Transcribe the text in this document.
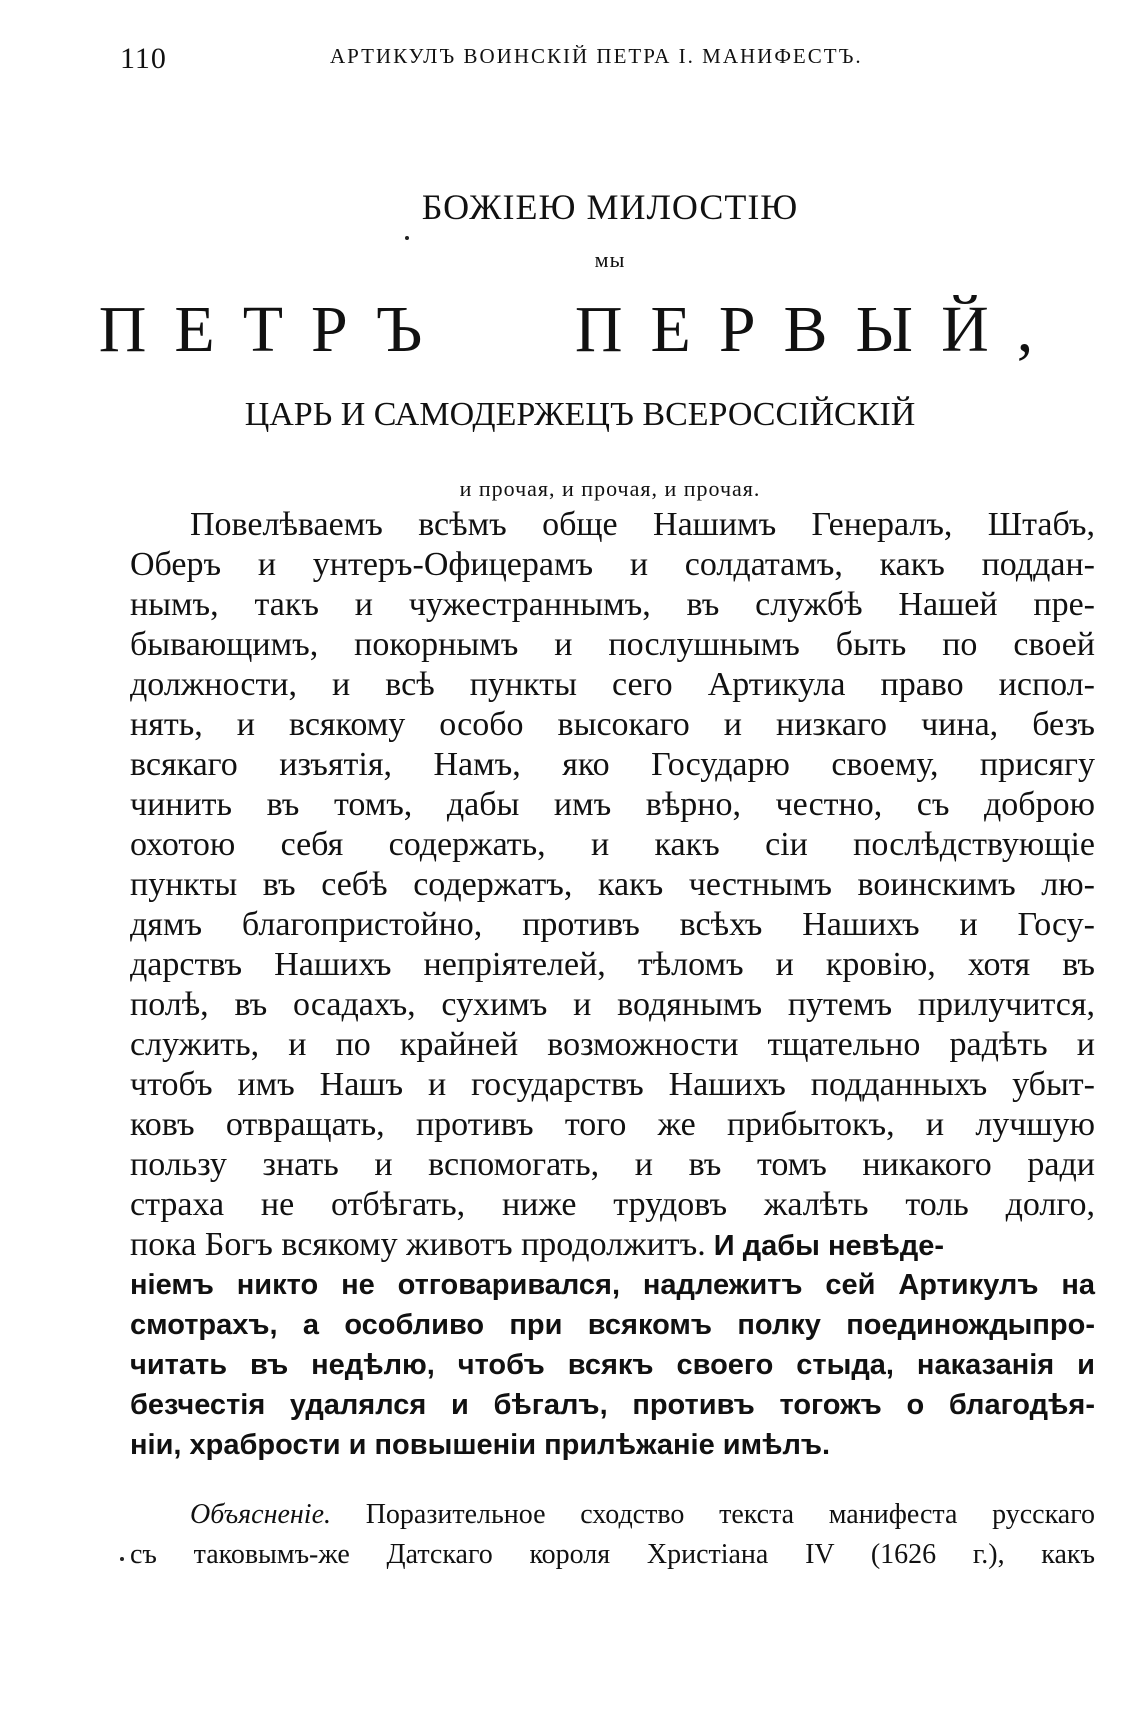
110	АРТИКУЛЪ ВОИНСКІЙ ПЕТРА I. МАНИФЕСТЪ.
БОЖІЕЮ МИЛОСТІЮ
мы
ПЕТРЪ ПЕРВЫЙ,
ЦАРЬ И САМОДЕРЖЕЦЪ ВСЕРОССІЙСКІЙ
и прочая, и прочая, и прочая.
Повелѣваемъ всѣмъ обще Нашимъ Генералъ, Штабъ,
Оберъ и унтеръ-Офицерамъ и солдатамъ, какъ поддан-
нымъ, такъ и чужестраннымъ, въ службѣ Нашей пре-
бывающимъ, покорнымъ и послушнымъ быть по своей
должности, и всѣ пункты сего Артикула право испол-
нять, и всякому особо высокаго и низкаго чина, безъ
всякаго изъятія, Намъ, яко Государю своему, присягу
чинить въ томъ, дабы имъ вѣрно, честно, съ доброю
охотою себя содержать, и какъ сіи послѣдствующіе
пункты въ себѣ содержатъ, какъ честнымъ воинскимъ лю-
дямъ благопристойно, противъ всѣхъ Нашихъ и Госу-
дарствъ Нашихъ непріятелей, тѣломъ и кровію, хотя въ
полѣ, въ осадахъ, сухимъ и водянымъ путемъ прилучится,
служить, и по крайней возможности тщательно радѣть и
чтобъ имъ Нашъ и государствъ Нашихъ подданныхъ убыт-
ковъ отвращать, противъ того же прибытокъ, и лучшую
пользу знать и вспомогать, и въ томъ никакого ради
страха не отбѣгать, ниже трудовъ жалѣть толь долго,
пока Богъ всякому животъ продолжитъ. И дабы невѣде-
ніемъ никто не отговаривался, надлежитъ сей Артикулъ на
смотрахъ, а особливо при всякомъ полку поединождыпро-
читать въ недѣлю, чтобъ всякъ своего стыда, наказанія и
безчестія удалялся и бѣгалъ, противъ тогожъ о благодѣя-
ніи, храбрости и повышеніи прилѣжаніе имѣлъ.
Объясненіе. Поразительное сходство текста манифеста русскаго
съ таковымъ-же Датскаго короля Христіана IV (1626 г.), какъ
